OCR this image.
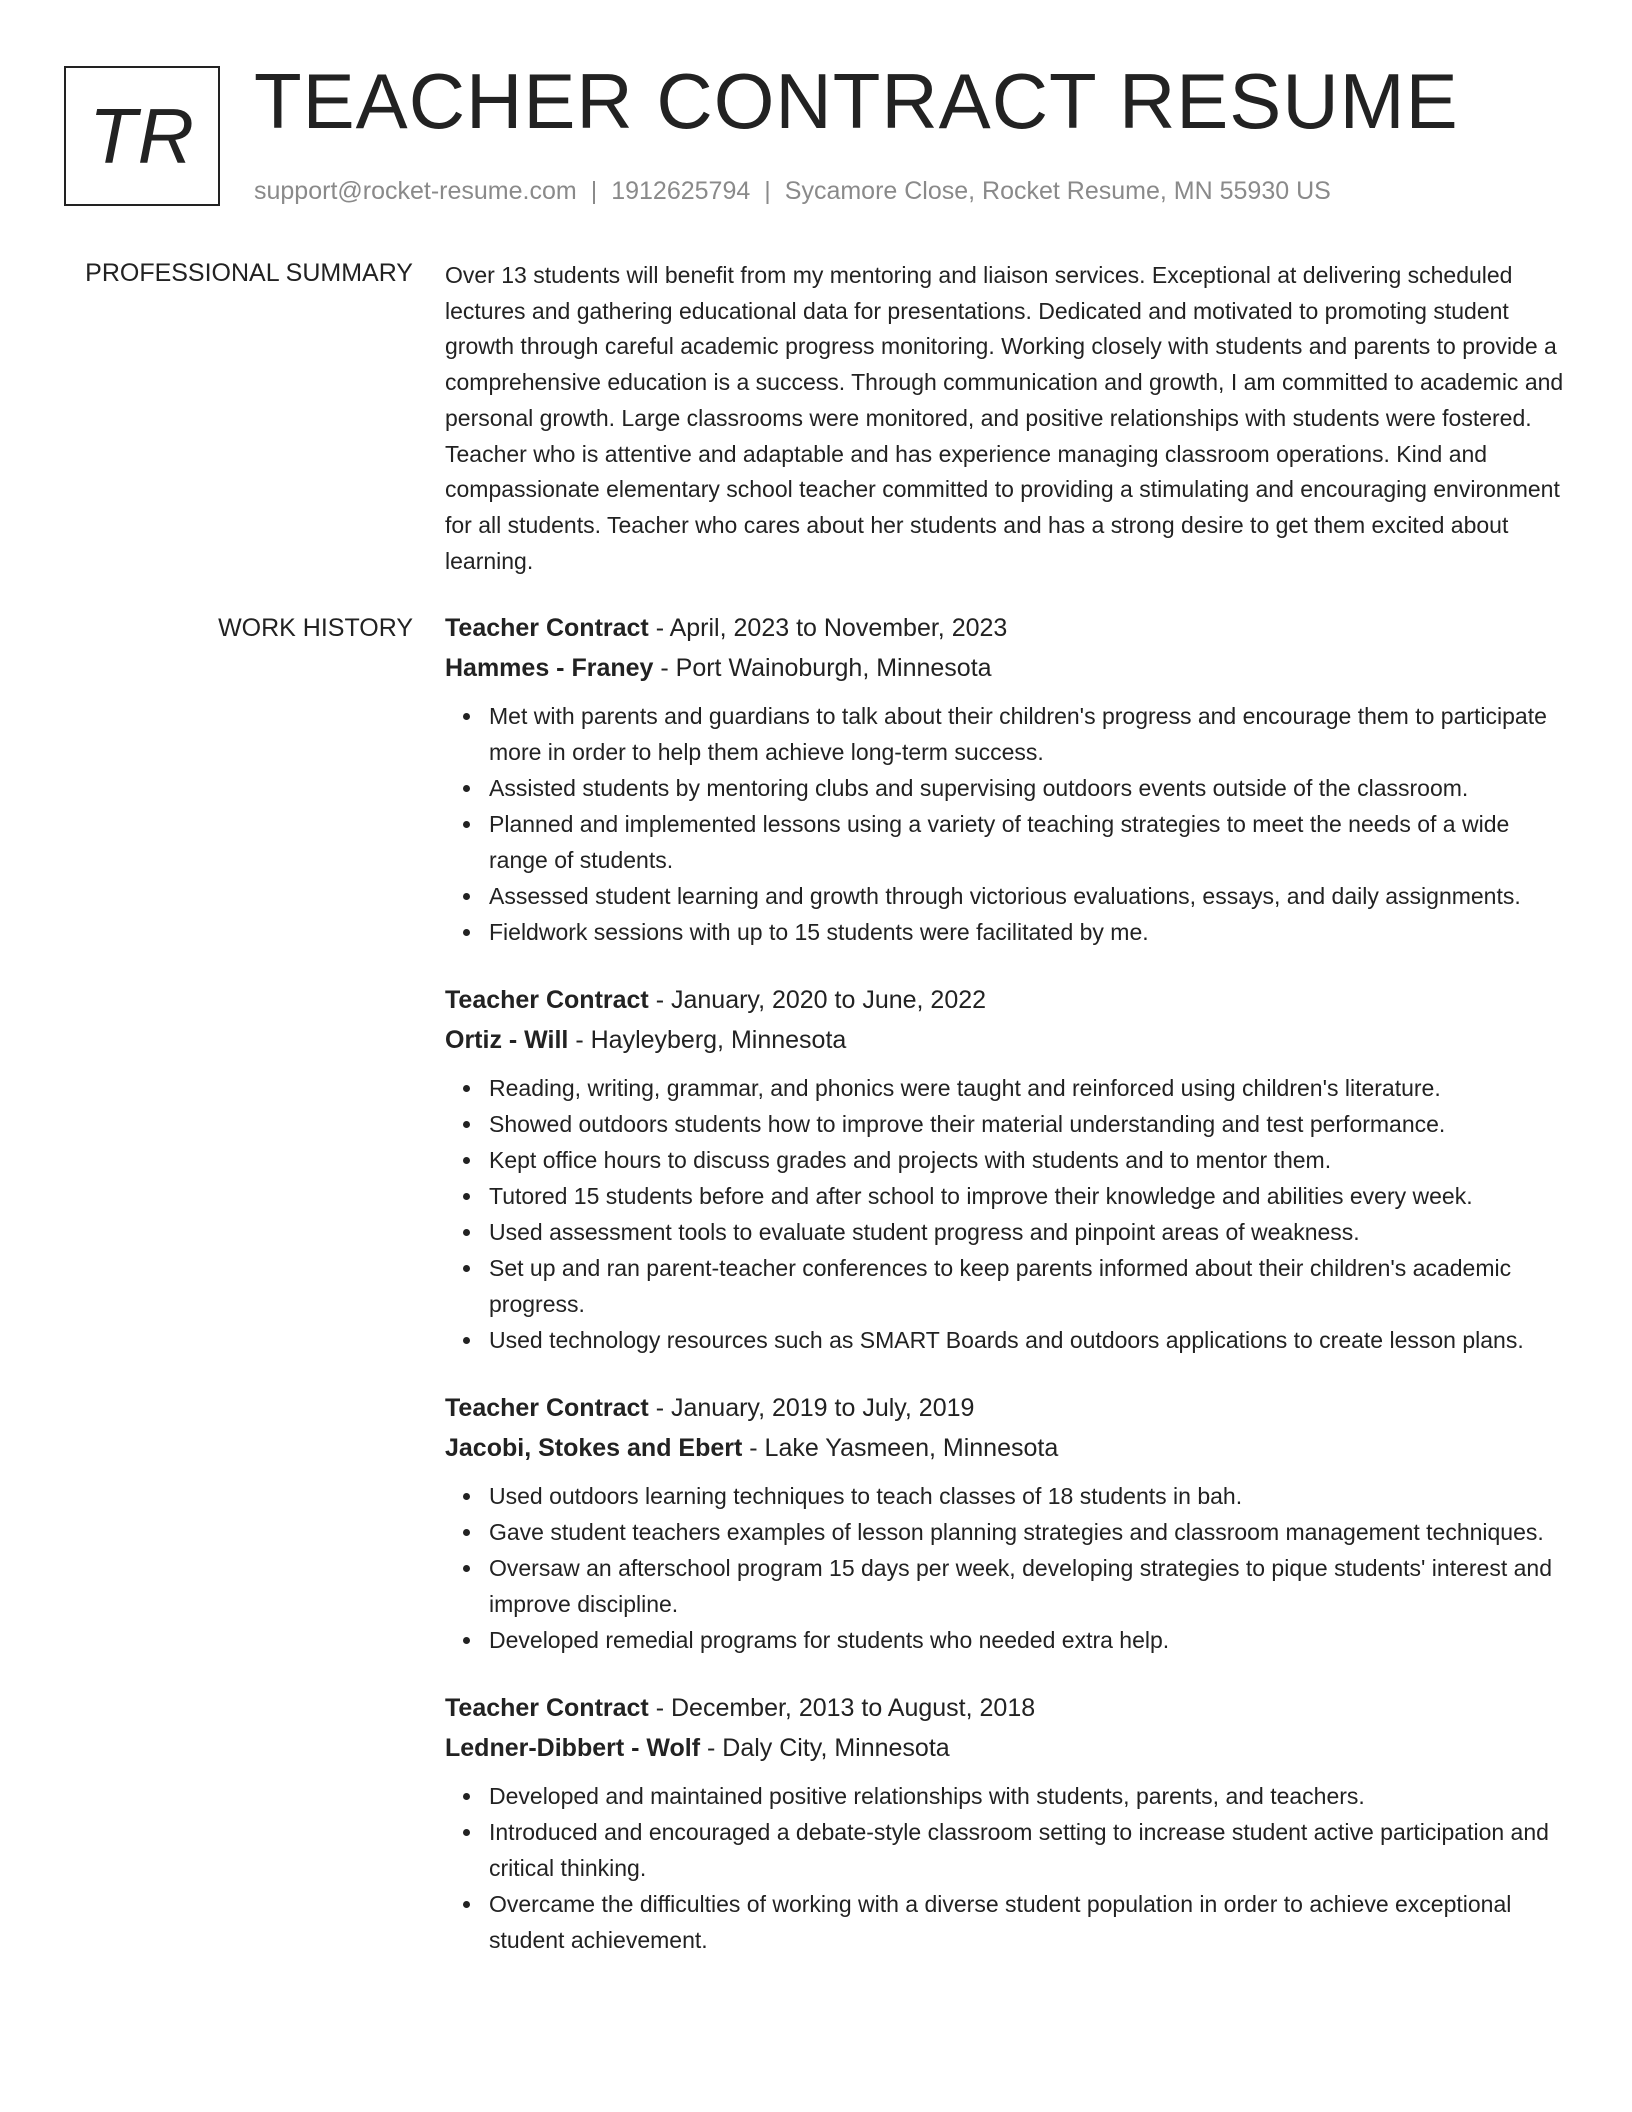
TR TEACHER CONTRACT RESUME
support@rocket-resume.com | 1912625794 | Sycamore Close, Rocket Resume, MN 55930 US
PROFESSIONAL SUMMARY Over 13 students will benefit from my mentoring and liaison services. Exceptional at delivering scheduled lectures and gathering educational data for presentations. Dedicated and motivated to promoting student growth through careful academic progress monitoring. Working closely with students and parents to provide a comprehensive education is a success. Through communication and growth, I am committed to academic and personal growth. Large classrooms were monitored, and positive relationships with students were fostered. Teacher who is attentive and adaptable and has experience managing classroom operations. Kind and compassionate elementary school teacher committed to providing a stimulating and encouraging environment for all students. Teacher who cares about her students and has a strong desire to get them excited about learning.

WORK HISTORY Teacher Contract - April, 2023 to November, 2023
Hammes - Franey - Port Wainoburgh, Minnesota
Met with parents and guardians to talk about their children's progress and encourage them to participate more in order to help them achieve long-term success.
Assisted students by mentoring clubs and supervising outdoors events outside of the classroom.
Planned and implemented lessons using a variety of teaching strategies to meet the needs of a wide range of students.
Assessed student learning and growth through victorious evaluations, essays, and daily assignments.
Fieldwork sessions with up to 15 students were facilitated by me.
Teacher Contract - January, 2020 to June, 2022
Ortiz - Will - Hayleyberg, Minnesota
Reading, writing, grammar, and phonics were taught and reinforced using children's literature.
Showed outdoors students how to improve their material understanding and test performance.
Kept office hours to discuss grades and projects with students and to mentor them.
Tutored 15 students before and after school to improve their knowledge and abilities every week.
Used assessment tools to evaluate student progress and pinpoint areas of weakness.
Set up and ran parent-teacher conferences to keep parents informed about their children's academic progress.
Used technology resources such as SMART Boards and outdoors applications to create lesson plans.
Teacher Contract - January, 2019 to July, 2019
Jacobi, Stokes and Ebert - Lake Yasmeen, Minnesota
Used outdoors learning techniques to teach classes of 18 students in bah.
Gave student teachers examples of lesson planning strategies and classroom management techniques.
Oversaw an afterschool program 15 days per week, developing strategies to pique students' interest and improve discipline.
Developed remedial programs for students who needed extra help.
Teacher Contract - December, 2013 to August, 2018
Ledner-Dibbert - Wolf - Daly City, Minnesota
Developed and maintained positive relationships with students, parents, and teachers.
Introduced and encouraged a debate-style classroom setting to increase student active participation and critical thinking.
Overcame the difficulties of working with a diverse student population in order to achieve exceptional student achievement.
